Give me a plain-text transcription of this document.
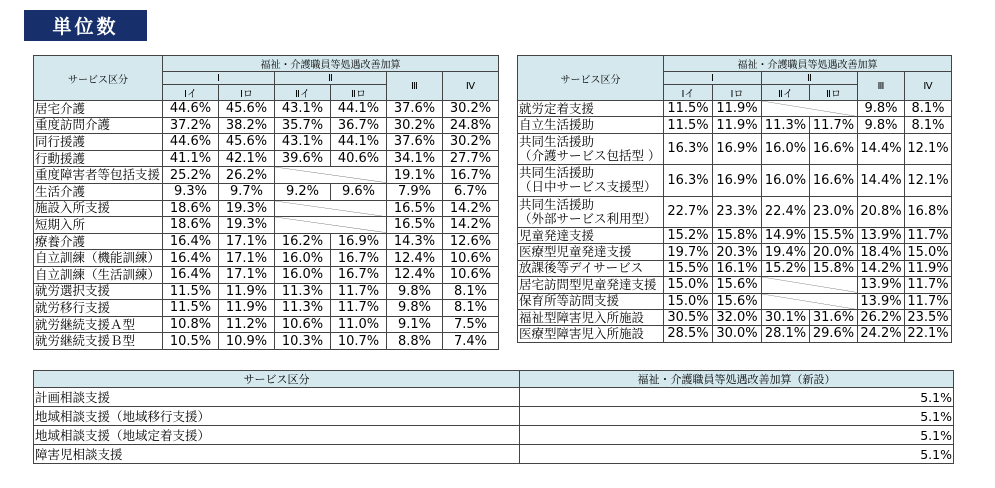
単位数
サービス区分	福祉・介護職員等処遇改善加算					
	Ⅰ		Ⅱ		Ⅲ	Ⅳ
	Ⅰイ	Ⅰロ	Ⅱイ	Ⅱロ		
居宅介護	44.6%	45.6%	43.1%	44.1%	37.6%	30.2%
重度訪問介護	37.2%	38.2%	35.7%	36.7%	30.2%	24.8%
同行援護	44.6%	45.6%	43.1%	44.1%	37.6%	30.2%
行動援護	41.1%	42.1%	39.6%	40.6%	34.1%	27.7%
重度障害者等包括支援	25.2%	26.2%			19.1%	16.7%
生活介護	9.3%	9.7%	9.2%	9.6%	7.9%	6.7%
施設入所支援	18.6%	19.3%			16.5%	14.2%
短期入所	18.6%	19.3%			16.5%	14.2%
療養介護	16.4%	17.1%	16.2%	16.9%	14.3%	12.6%
自立訓練（機能訓練）	16.4%	17.1%	16.0%	16.7%	12.4%	10.6%
自立訓練（生活訓練）	16.4%	17.1%	16.0%	16.7%	12.4%	10.6%
就労選択支援	11.5%	11.9%	11.3%	11.7%	9.8%	8.1%
就労移行支援	11.5%	11.9%	11.3%	11.7%	9.8%	8.1%
就労継続支援Ａ型	10.8%	11.2%	10.6%	11.0%	9.1%	7.5%
就労継続支援Ｂ型	10.5%	10.9%	10.3%	10.7%	8.8%	7.4%
サービス区分	福祉・介護職員等処遇改善加算					
	Ⅰ		Ⅱ		Ⅲ	Ⅳ
	Ⅰイ	Ⅰロ	Ⅱイ	Ⅱロ		
就労定着支援	11.5%	11.9%			9.8%	8.1%
自立生活援助	11.5%	11.9%	11.3%	11.7%	9.8%	8.1%
共同生活援助
（介護サービス包括型 ）	16.3%	16.9%	16.0%	16.6%	14.4%	12.1%
共同生活援助
（日中サービス支援型）	16.3%	16.9%	16.0%	16.6%	14.4%	12.1%
共同生活援助
（外部サービス利用型）	22.7%	23.3%	22.4%	23.0%	20.8%	16.8%
児童発達支援	15.2%	15.8%	14.9%	15.5%	13.9%	11.7%
医療型児童発達支援	19.7%	20.3%	19.4%	20.0%	18.4%	15.0%
放課後等デイサービス	15.5%	16.1%	15.2%	15.8%	14.2%	11.9%
居宅訪問型児童発達支援	15.0%	15.6%			13.9%	11.7%
保育所等訪問支援	15.0%	15.6%			13.9%	11.7%
福祉型障害児入所施設	30.5%	32.0%	30.1%	31.6%	26.2%	23.5%
医療型障害児入所施設	28.5%	30.0%	28.1%	29.6%	24.2%	22.1%
サービス区分	福祉・介護職員等処遇改善加算（新設）
計画相談支援	5.1%
地域相談支援（地域移行支援）	5.1%
地域相談支援（地域定着支援）	5.1%
障害児相談支援	5.1%
